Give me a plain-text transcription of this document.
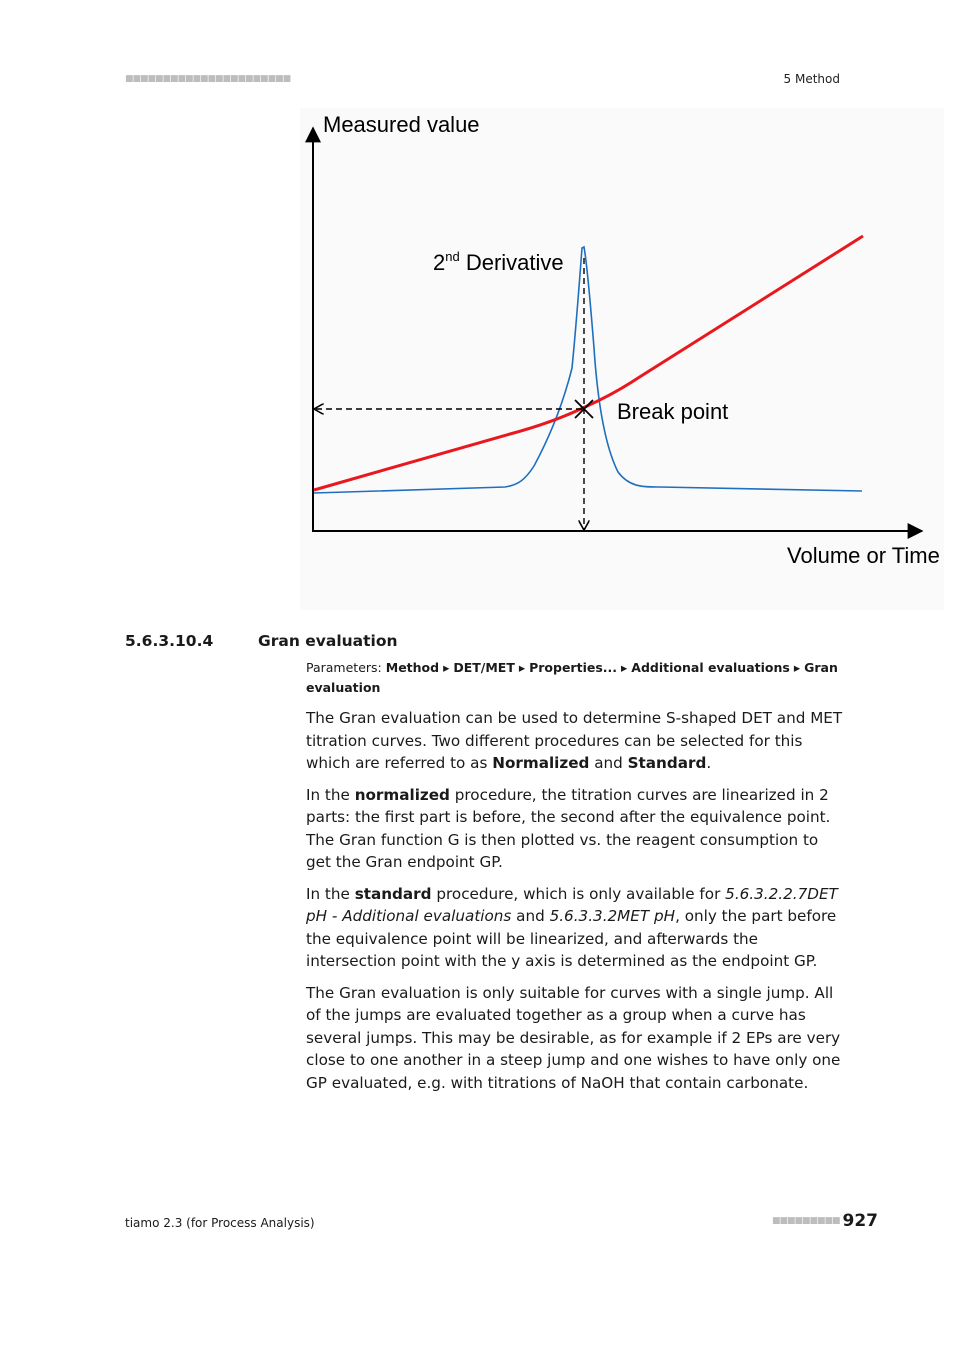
■■■■■■■■■■■■■■■■■■■■■■	5 Method
Measured value
Volume or Time
2nd Derivative
Break point
5.6.3.10.4	Gran evaluation
Parameters: Method ▸ DET/MET ▸ Properties... ▸ Additional evaluations ▸ Gran evaluation

The Gran evaluation can be used to determine S-shaped DET and MET titration curves. Two different procedures can be selected for this which are referred to as Normalized and Standard.

In the normalized procedure, the titration curves are linearized in 2 parts: the first part is before, the second after the equivalence point. The Gran function G is then plotted vs. the reagent consumption to get the Gran endpoint GP.

In the standard procedure, which is only available for 5.6.3.2.2.7DET pH - Additional evaluations and 5.6.3.3.2MET pH, only the part before the equivalence point will be linearized, and afterwards the intersection point with the y axis is determined as the endpoint GP.

The Gran evaluation is only suitable for curves with a single jump. All of the jumps are evaluated together as a group when a curve has several jumps. This may be desirable, as for example if 2 EPs are very close to one another in a steep jump and one wishes to have only one GP evaluated, e.g. with titrations of NaOH that contain carbonate.

tiamo 2.3 (for Process Analysis)	■■■■■■■■■ 927
